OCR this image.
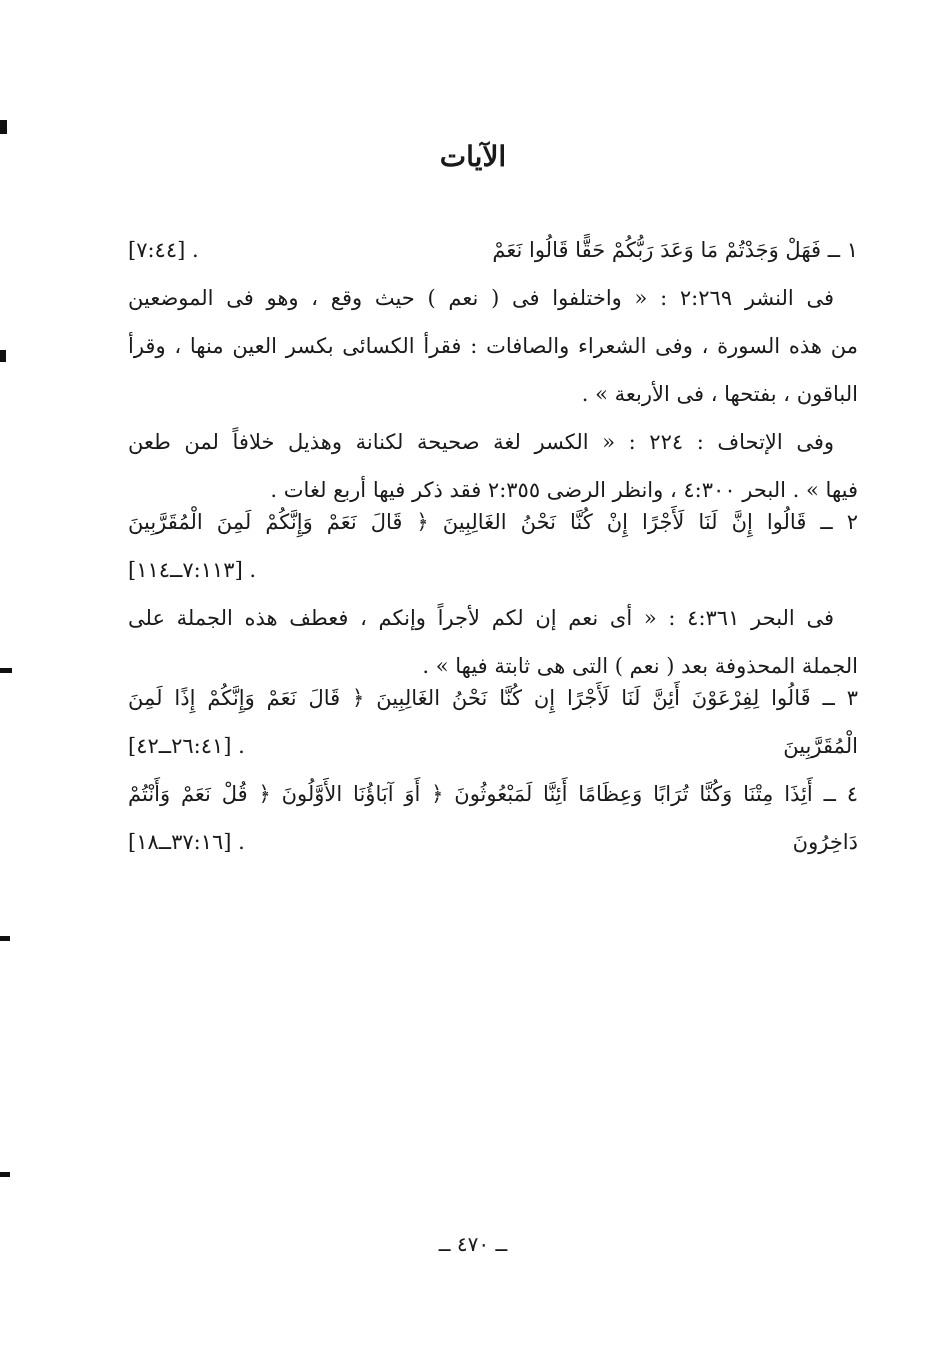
الآيات
١ ــ فَهَلْ وَجَدْتُمْ مَا وَعَدَ رَبُّكُمْ حَقًّا قَالُوا نَعَمْ
[٧:٤٤] .
فى النشر ٢:٢٦٩ : « واختلفوا فى ( نعم ) حيث وقع ، وهو فى الموضعين
من هذه السورة ، وفى الشعراء والصافات : فقرأ الكسائى بكسر العين منها ، وقرأ
الباقون ، بفتحها ، فى الأربعة » .
وفى الإتحاف : ٢٢٤ : « الكسر لغة صحيحة لكنانة وهذيل خلافاً لمن طعن
فيها » . البحر ٤:٣٠٠ ، وانظر الرضى ٢:٣٥٥ فقد ذكر فيها أربع لغات .
٢ ــ قَالُوا إِنَّ لَنَا لَأَجْرًا إِنْ كُنَّا نَحْنُ الغَالِبِينَ ﴿ قَالَ نَعَمْ وَإِنَّكُمْ لَمِنَ الْمُقَرَّبِينَ
[٧:١١٣ــ١١٤] .
فى البحر ٤:٣٦١ : « أى نعم إن لكم لأجراً وإنكم ، فعطف هذه الجملة على
الجملة المحذوفة بعد ( نعم ) التى هى ثابتة فيها » .
٣ ــ قَالُوا لِفِرْعَوْنَ أَئِنَّ لَنَا لَأَجْرًا إِن كُنَّا نَحْنُ الغَالِبِينَ ﴿ قَالَ نَعَمْ وَإِنَّكُمْ إِذًا لَمِنَ
الْمُقَرَّبِينَ
[٢٦:٤١ــ٤٢] .
٤ ــ أَئِذَا مِتْنَا وَكُنَّا تُرَابًا وَعِظَامًا أَئِنَّا لَمَبْعُوثُونَ ﴿ أَوَ آبَاؤُنَا الأَوَّلُونَ ﴿ قُلْ نَعَمْ وَأَنْتُمْ
دَاخِرُونَ
[٣٧:١٦ــ١٨] .
ــ ٤٧٠ ــ
